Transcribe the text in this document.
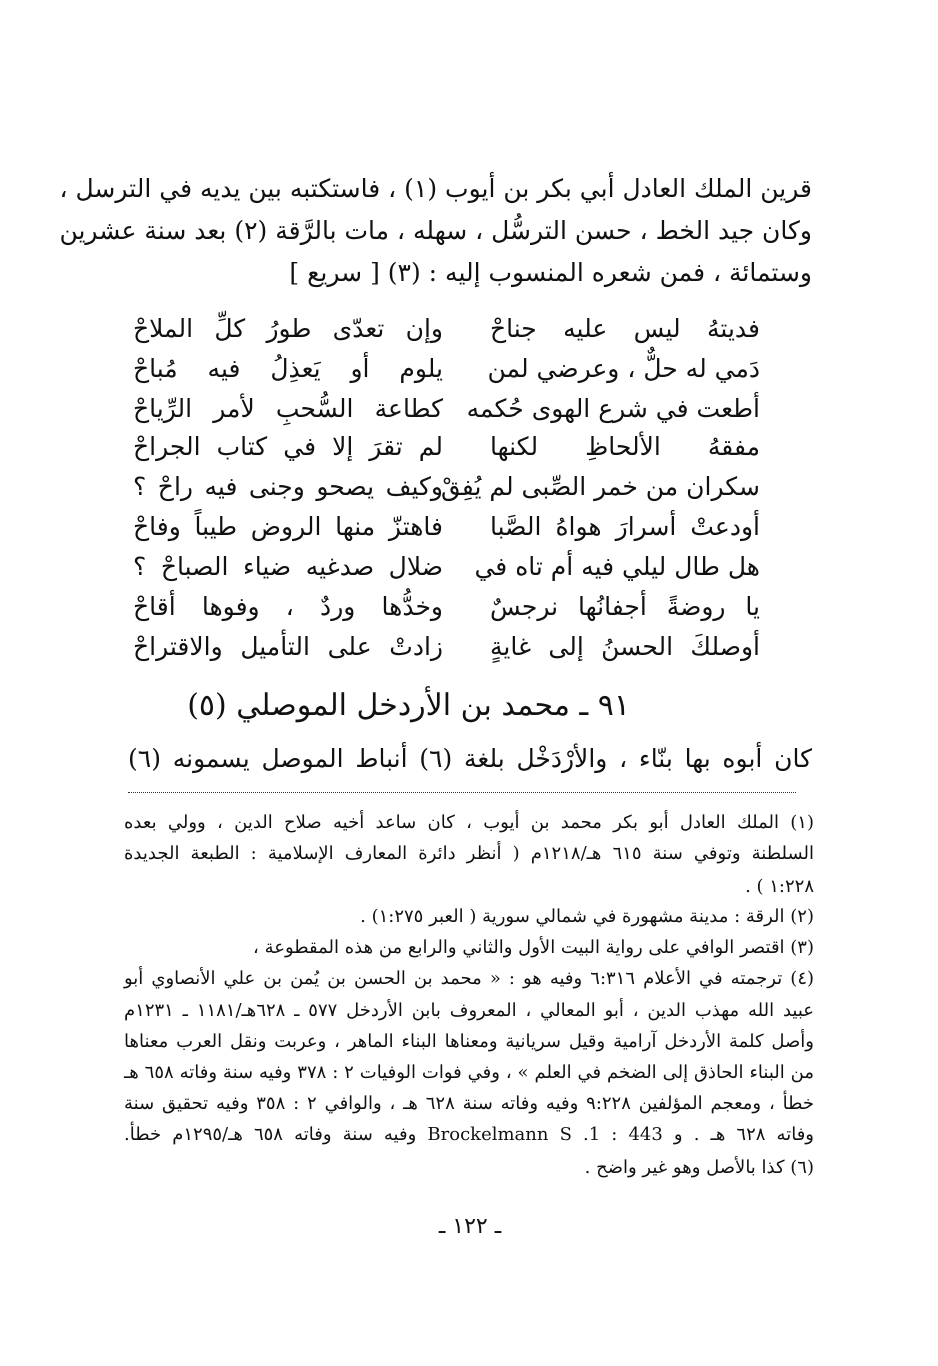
قرين الملك العادل أبي بكر بن أيوب (١) ، فاستكتبه بين يديه في الترسل ،
وكان جيد الخط ، حسن الترسُّل ، سهله ، مات بالرَّقة (٢) بعد سنة عشرين
وستمائة ، فمن شعره المنسوب إليه : (٣) [ سريع ]
فديتهُ ليس عليه جناحْ
وإن تعدّى طورُ كلِّ الملاحْ
دَمي له حلٌّ ، وعرضي لمن
يلوم أو يَعذِلُ فيه مُباحْ
أطعت في شرع الهوى حُكمه
كطاعة السُّحبِ لأمر الرِّياحْ
مفقهُ الألحاظِ لكنها
لم تقرَ إلا في كتاب الجراحْ
سكران من خمر الصِّبى لم يُفِقْ
وكيف يصحو وجنى فيه راحْ ؟
أودعتْ أسرارَ هواهُ الصَّبا
فاهتزّ منها الروض طيباً وفاحْ
هل طال ليلي فيه أم تاه في
ضلال صدغيه ضياء الصباحْ ؟
يا روضةً أجفانُها نرجسٌ
وخدُّها وردٌ ، وفوها أقاحْ
أوصلكَ الحسنُ إلى غايةٍ
زادتْ على التأميل والاقتراحْ
٩١ ـ محمد بن الأردخل الموصلي (٥)
كان أبوه بها بنّاء ، والأرْدَخْل بلغة (٦) أنباط الموصل يسمونه (٦)
(١) الملك العادل أبو بكر محمد بن أيوب ، كان ساعد أخيه صلاح الدين ، وولي بعده
السلطنة وتوفي سنة ٦١٥ هـ/١٢١٨م ( أنظر دائرة المعارف الإسلامية : الطبعة الجديدة
١:٢٢٨ ) .
(٢) الرقة : مدينة مشهورة في شمالي سورية ( العبر ١:٢٧٥) .
(٣) اقتصر الوافي على رواية البيت الأول والثاني والرابع من هذه المقطوعة ،
(٤) ترجمته في الأعلام ٦:٣١٦ وفيه هو : « محمد بن الحسن بن يُمن بن علي الأنصاوي أبو
عبيد الله مهذب الدين ، أبو المعالي ، المعروف بابن الأردخل ٥٧٧ ـ ٦٢٨هـ/١١٨١ ـ ١٢٣١م
وأصل كلمة الأردخل آرامية وقيل سريانية ومعناها البناء الماهر ، وعربت ونقل العرب معناها
من البناء الحاذق إلى الضخم في العلم » ، وفي فوات الوفيات ٢ : ٣٧٨ وفيه سنة وفاته ٦٥٨ هـ
خطأ ، ومعجم المؤلفين ٩:٢٢٨ وفيه وفاته سنة ٦٢٨ هـ ، والوافي ٢ : ٣٥٨ وفيه تحقيق سنة
وفاته ٦٢٨ هـ . و Brockelmann S .1 : 443 وفيه سنة وفاته ٦٥٨ هـ/١٢٩٥م خطأ.
(٦) كذا بالأصل وهو غير واضح .
ـ ١٢٢ ـ
